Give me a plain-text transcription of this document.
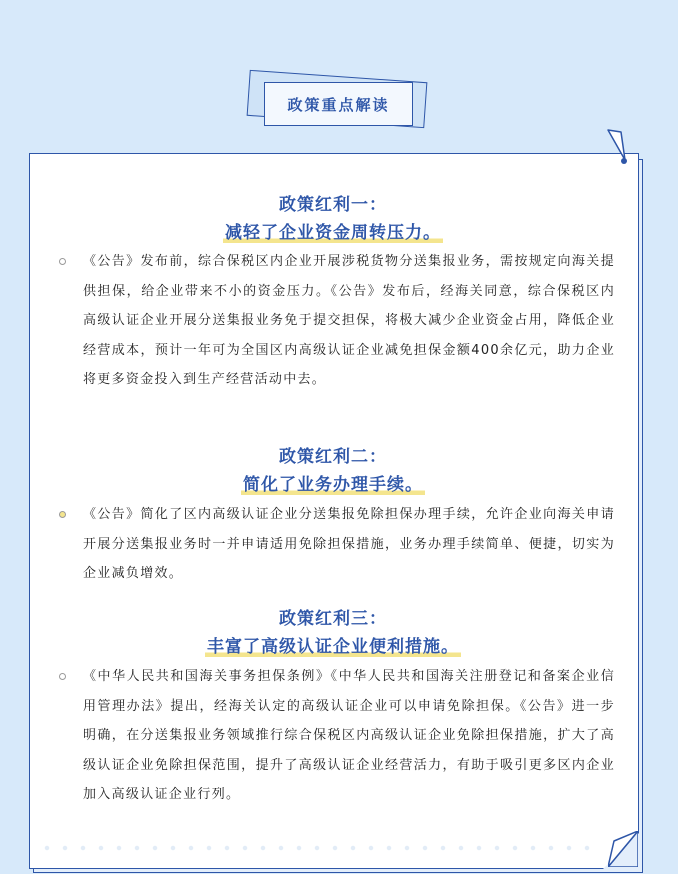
政策重点解读
政策红利一：
减轻了企业资金周转压力。
《公告》发布前，综合保税区内企业开展涉税货物分送集报业务，需按规定向海关提供担保，给企业带来不小的资金压力。《公告》发布后，经海关同意，综合保税区内高级认证企业开展分送集报业务免于提交担保，将极大减少企业资金占用，降低企业经营成本，预计一年可为全国区内高级认证企业减免担保金额400余亿元，助力企业将更多资金投入到生产经营活动中去。
政策红利二：
简化了业务办理手续。
《公告》简化了区内高级认证企业分送集报免除担保办理手续，允许企业向海关申请开展分送集报业务时一并申请适用免除担保措施，业务办理手续简单、便捷，切实为企业减负增效。
政策红利三：
丰富了高级认证企业便利措施。
《中华人民共和国海关事务担保条例》《中华人民共和国海关注册登记和备案企业信用管理办法》提出，经海关认定的高级认证企业可以申请免除担保。《公告》进一步明确，在分送集报业务领域推行综合保税区内高级认证企业免除担保措施，扩大了高级认证企业免除担保范围，提升了高级认证企业经营活力，有助于吸引更多区内企业加入高级认证企业行列。
